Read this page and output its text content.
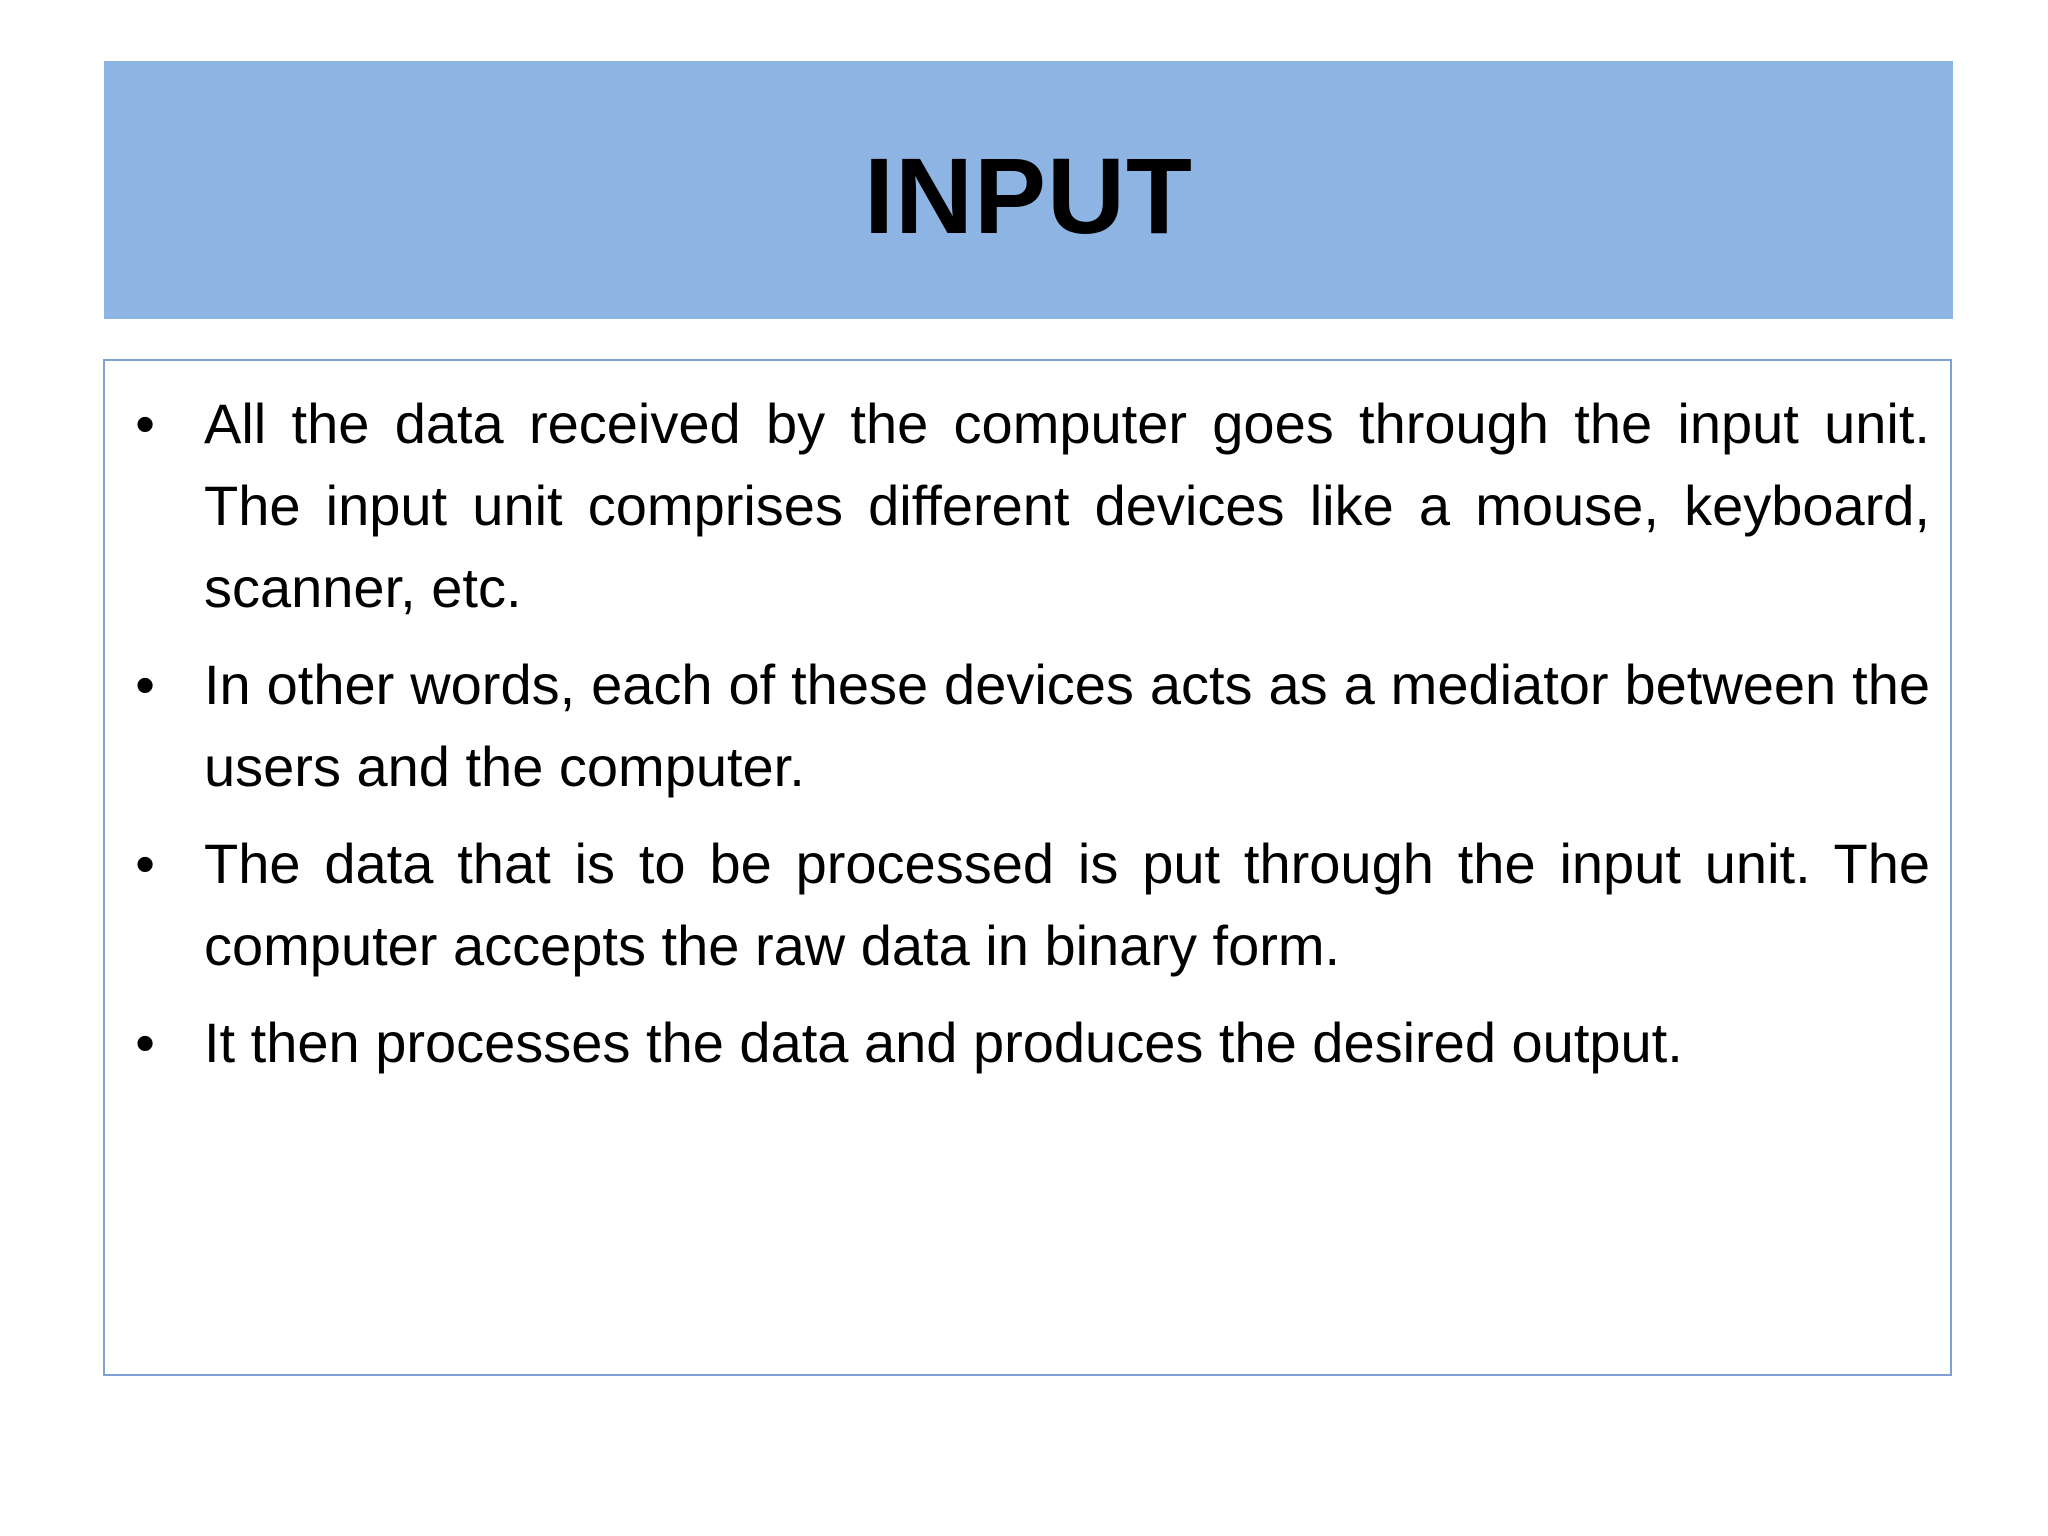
INPUT
• All the data received by the computer goes through the input unit. The input unit comprises different devices like a mouse, keyboard, scanner, etc.
• In other words, each of these devices acts as a mediator between the users and the computer.
• The data that is to be processed is put through the input unit. The computer accepts the raw data in binary form.
• It then processes the data and produces the desired output.
